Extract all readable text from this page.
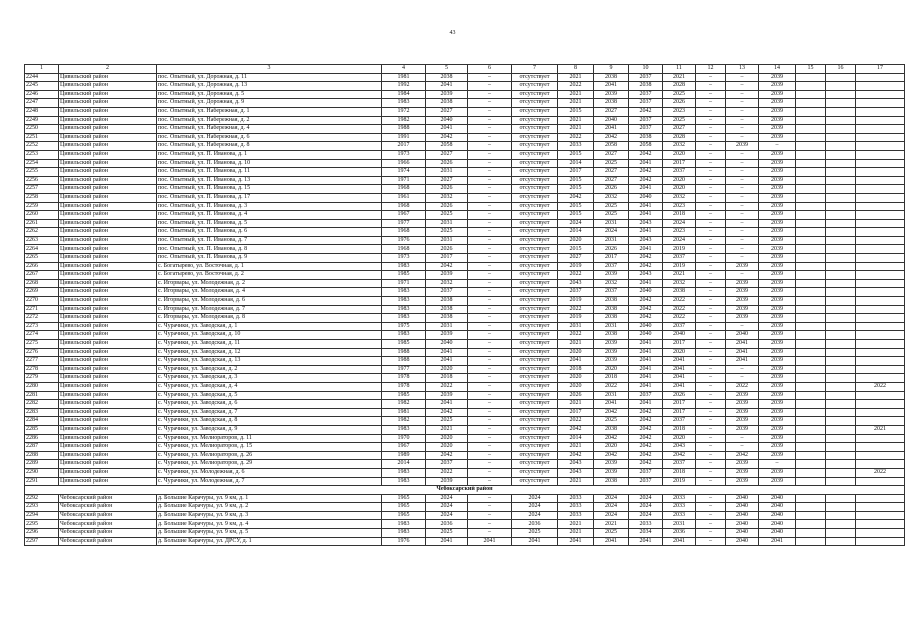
43
1	2	3	4	5	6	7	8	9	10	11	12	13	14	15	16	17
2244	Цивильский район	пос. Опытный, ул. Дорожная, д. 11	1981	2038	–	отсутствует	2021	2038	2037	2021	–	–	2039			
2245	Цивильский район	пос. Опытный, ул. Дорожная, д. 13	1992	2041	–	отсутствует	2022	2041	2038	2028	–	–	2039			
2246	Цивильский район	пос. Опытный, ул. Дорожная, д. 5	1984	2039	–	отсутствует	2021	2039	2037	2025	–	–	2039			
2247	Цивильский район	пос. Опытный, ул. Дорожная, д. 9	1983	2038	–	отсутствует	2021	2038	2037	2026	–	–	2039			
2248	Цивильский район	пос. Опытный, ул. Набережная, д. 1	1972	2027	–	отсутствует	2015	2027	2042	2023	–	–	2039			
2249	Цивильский район	пос. Опытный, ул. Набережная, д. 2	1982	2040	–	отсутствует	2021	2040	2037	2025	–	–	2039			
2250	Цивильский район	пос. Опытный, ул. Набережная, д. 4	1988	2041	–	отсутствует	2021	2041	2037	2027	–	–	2039			
2251	Цивильский район	пос. Опытный, ул. Набережная, д. 6	1991	2042	–	отсутствует	2022	2042	2038	2028	–	–	2039			
2252	Цивильский район	пос. Опытный, ул. Набережная, д. 8	2017	2058	–	отсутствует	2033	2058	2058	2032	–	2039	–			
2253	Цивильский район	пос. Опытный, ул. П. Иванова, д. 1	1973	2027	–	отсутствует	2015	2027	2042	2020	–	–	2039			
2254	Цивильский район	пос. Опытный, ул. П. Иванова, д. 10	1966	2026	–	отсутствует	2014	2025	2041	2017	–	–	2039			
2255	Цивильский район	пос. Опытный, ул. П. Иванова, д. 11	1974	2031	–	отсутствует	2017	2027	2042	2037	–	–	2039			
2256	Цивильский район	пос. Опытный, ул. П. Иванова, д. 13	1971	2027	–	отсутствует	2015	2027	2042	2020	–	–	2039			
2257	Цивильский район	пос. Опытный, ул. П. Иванова, д. 15	1968	2026	–	отсутствует	2015	2026	2041	2020	–	–	2039			
2258	Цивильский район	пос. Опытный, ул. П. Иванова, д. 17	1961	2032	–	отсутствует	2042	2032	2040	2032	–	–	2039			
2259	Цивильский район	пос. Опытный, ул. П. Иванова, д. 3	1968	2026	–	отсутствует	2015	2025	2041	2023	–	–	2039			
2260	Цивильский район	пос. Опытный, ул. П. Иванова, д. 4	1967	2025	–	отсутствует	2015	2025	2041	2018	–	–	2039			
2261	Цивильский район	пос. Опытный, ул. П. Иванова, д. 5	1977	2031	–	отсутствует	2024	2031	2043	2024	–	–	2039			
2262	Цивильский район	пос. Опытный, ул. П. Иванова, д. 6	1968	2025	–	отсутствует	2014	2024	2041	2023	–	–	2039			
2263	Цивильский район	пос. Опытный, ул. П. Иванова, д. 7	1976	2031	–	отсутствует	2020	2031	2043	2024	–	–	2039			
2264	Цивильский район	пос. Опытный, ул. П. Иванова, д. 8	1968	2026	–	отсутствует	2015	2026	2041	2019	–	–	2039			
2265	Цивильский район	пос. Опытный, ул. П. Иванова, д. 9	1973	2017	–	отсутствует	2027	2017	2042	2037	–	–	2039			
2266	Цивильский район	с. Богатырево, ул. Восточная, д. 1	1983	2042	–	отсутствует	2019	2037	2042	2019	–	2039	2039			
2267	Цивильский район	с. Богатырево, ул. Восточная, д. 2	1985	2039	–	отсутствует	2022	2039	2043	2021	–	–	2039			
2268	Цивильский район	с. Игорвары, ул. Молодежная, д. 2	1971	2032	–	отсутствует	2043	2032	2041	2032	–	2039	2039			
2269	Цивильский район	с. Игорвары, ул. Молодежная, д. 4	1983	2037	–	отсутствует	2037	2037	2040	2038	–	2039	2039			
2270	Цивильский район	с. Игорвары, ул. Молодежная, д. 6	1983	2038	–	отсутствует	2019	2038	2042	2022	–	2039	2039			
2271	Цивильский район	с. Игорвары, ул. Молодежная, д. 7	1983	2038	–	отсутствует	2022	2038	2042	2022	–	2039	2039			
2272	Цивильский район	с. Игорвары, ул. Молодежная, д. 8	1983	2038	–	отсутствует	2019	2038	2042	2022	–	2039	2039			
2273	Цивильский район	с. Чурачики, ул. Заводская, д. 1	1975	2031	–	отсутствует	2031	2031	2040	2037	–	–	2039			
2274	Цивильский район	с. Чурачики, ул. Заводская, д. 10	1983	2039	–	отсутствует	2022	2038	2040	2040	–	2040	2039			
2275	Цивильский район	с. Чурачики, ул. Заводская, д. 11	1985	2040	–	отсутствует	2021	2039	2041	2017	–	2041	2039			
2276	Цивильский район	с. Чурачики, ул. Заводская, д. 12	1988	2041	–	отсутствует	2020	2039	2041	2020	–	2041	2039			
2277	Цивильский район	с. Чурачики, ул. Заводская, д. 13	1988	2041	–	отсутствует	2041	2039	2041	2041	–	2041	2039			
2278	Цивильский район	с. Чурачики, ул. Заводская, д. 2	1977	2020	–	отсутствует	2018	2020	2041	2041	–	–	2039			
2279	Цивильский район	с. Чурачики, ул. Заводская, д. 3	1978	2018	–	отсутствует	2020	2018	2041	2041	–	–	2039			
2280	Цивильский район	с. Чурачики, ул. Заводская, д. 4	1978	2022	–	отсутствует	2020	2022	2041	2041	–	2022	2039			2022
2281	Цивильский район	с. Чурачики, ул. Заводская, д. 5	1985	2039	–	отсутствует	2026	2031	2037	2026	–	2039	2039			
2282	Цивильский район	с. Чурачики, ул. Заводская, д. 6	1982	2041	–	отсутствует	2021	2041	2041	2017	–	2039	2039			
2283	Цивильский район	с. Чурачики, ул. Заводская, д. 7	1981	2042	–	отсутствует	2017	2042	2042	2017	–	2039	2039			
2284	Цивильский район	с. Чурачики, ул. Заводская, д. 8	1982	2025	–	отсутствует	2022	2025	2042	2037	–	2039	2039			
2285	Цивильский район	с. Чурачики, ул. Заводская, д. 9	1983	2021	–	отсутствует	2042	2038	2042	2018	–	2039	2039			2021
2286	Цивильский район	с. Чурачики, ул. Мелиораторов, д. 11	1970	2020	–	отсутствует	2014	2042	2042	2020	–	–	2039			
2287	Цивильский район	с. Чурачики, ул. Мелиораторов, д. 15	1967	2020	–	отсутствует	2021	2020	2042	2043	–	–	2039			
2288	Цивильский район	с. Чурачики, ул. Мелиораторов, д. 26	1989	2042	–	отсутствует	2042	2042	2042	2042	–	2042	2039			
2289	Цивильский район	с. Чурачики, ул. Мелиораторов, д. 29	2014	2037	–	отсутствует	2043	2039	2042	2037	–	2039	–			
2290	Цивильский район	с. Чурачики, ул. Молодежная, д. 6	1983	2022	–	отсутствует	2043	2039	2037	2018	–	2039	2039			2022
2291	Цивильский район	с. Чурачики, ул. Молодежная, д. 7	1983	2039	–	отсутствует	2021	2038	2037	2019	–	2039	2039			
Чебоксарский район																
2292	Чебоксарский район	д. Большие Карачуры, ул. 9 км, д. 1	1965	2024	–	2024	2033	2024	2024	2033	–	2040	2040			
2293	Чебоксарский район	д. Большие Карачуры, ул. 9 км, д. 2	1965	2024	–	2024	2033	2024	2024	2033	–	2040	2040			
2294	Чебоксарский район	д. Большие Карачуры, ул. 9 км, д. 3	1965	2024	–	2024	2033	2024	2024	2033	–	2040	2040			
2295	Чебоксарский район	д. Большие Карачуры, ул. 9 км, д. 4	1983	2036	–	2036	2021	2021	2033	2031	–	2040	2040			
2296	Чебоксарский район	д. Большие Карачуры, ул. 9 км, д. 5	1983	2025	–	2025	2021	2025	2034	2036	–	2040	2040			
2297	Чебоксарский район	д. Большие Карачуры, ул. ДРСУ, д. 1	1976	2041	2041	2041	2041	2041	2041	2041	–	2040	2041			
